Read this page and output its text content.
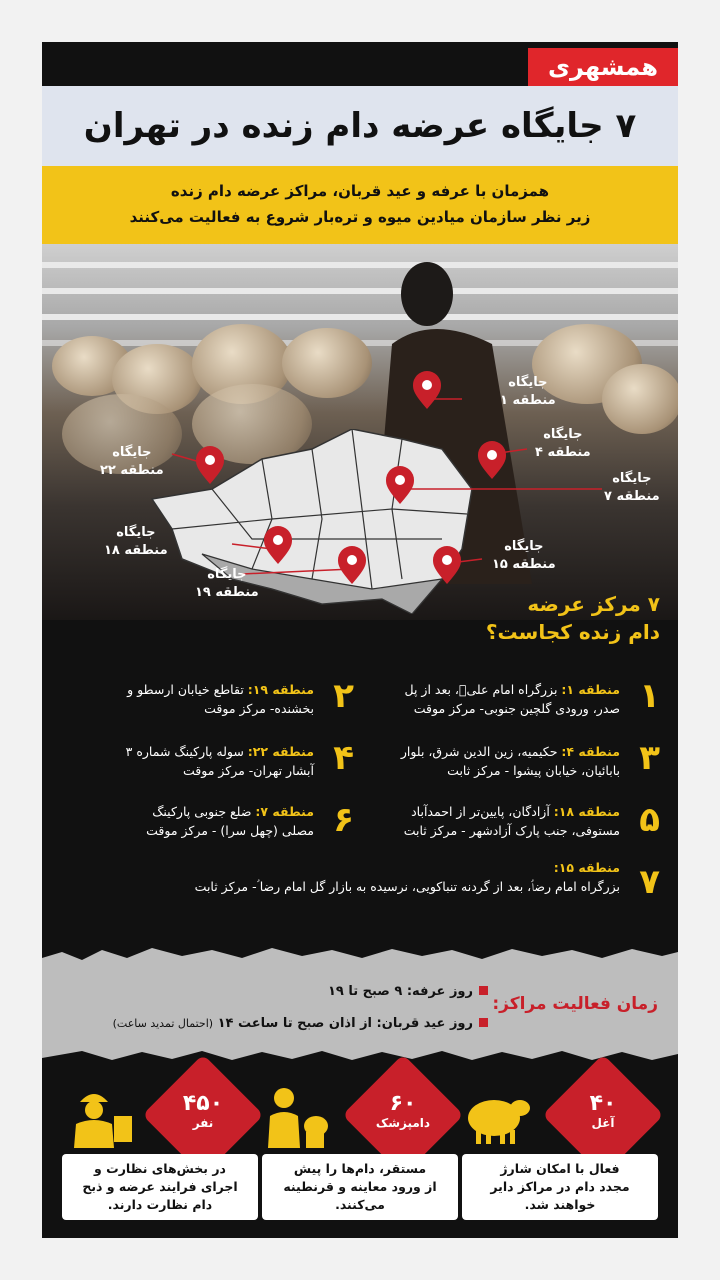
همشهری
۷ جایگاه عرضه دام زنده در تهران
همزمان با عرفه و عید قربان، مراکز عرضه دام زنده
زیر نظر سازمان میادین میوه و تره‌بار شروع به فعالیت می‌کنند
جایگاه
منطقه ۱
جایگاه
منطقه ۴
جایگاه
منطقه ۷
جایگاه
منطقه ۲۲
جایگاه
منطقه ۱۸
جایگاه
منطقه ۱۹
جایگاه
منطقه ۱۵
۷ مرکز عرضه
دام زنده کجاست؟
۱
منطقه ۱: بزرگراه امام علیؑ، بعد از پل
صدر، ورودی گلچین جنوبی- مرکز موقت
۳
منطقه ۴: حکیمیه، زین الدین شرق، بلوار
بابائیان، خیابان پیشوا - مرکز ثابت
۵
منطقه ۱۸: آزادگان، پایین‌تر از احمدآباد
مستوفی، جنب پارک آزادشهر - مرکز ثابت
۲
منطقه ۱۹: تقاطع خیابان ارسطو و
بخشنده- مرکز موقت
۴
منطقه ۲۲: سوله پارکینگ شماره ۳
آبشار تهران- مرکز موقت
۶
منطقه ۷: ضلع جنوبی پارکینگ
مصلی (چهل سرا) - مرکز موقت
۷
منطقه ۱۵:
بزرگراه امام رضاؑ، بعد از گردنه تنباکویی، نرسیده به بازار گل امام رضا ؑ- مرکز ثابت
زمان فعالیت مراکز:
روز عرفه: ۹ صبح تا ۱۹
روز عید قربان: از اذان صبح تا ساعت ۱۴ (احتمال تمدید ساعت)
۴۰
آغل
فعال با امکان شارژ
مجدد دام در مراکز دایر
خواهند شد.
۶۰
دامپزشک
مستقر، دام‌ها را پیش
از ورود معاینه و قرنطینه
می‌کنند.
۴۵۰
نفر
در بخش‌های نظارت و
اجرای فرایند عرضه و ذبح
دام نظارت دارند.
